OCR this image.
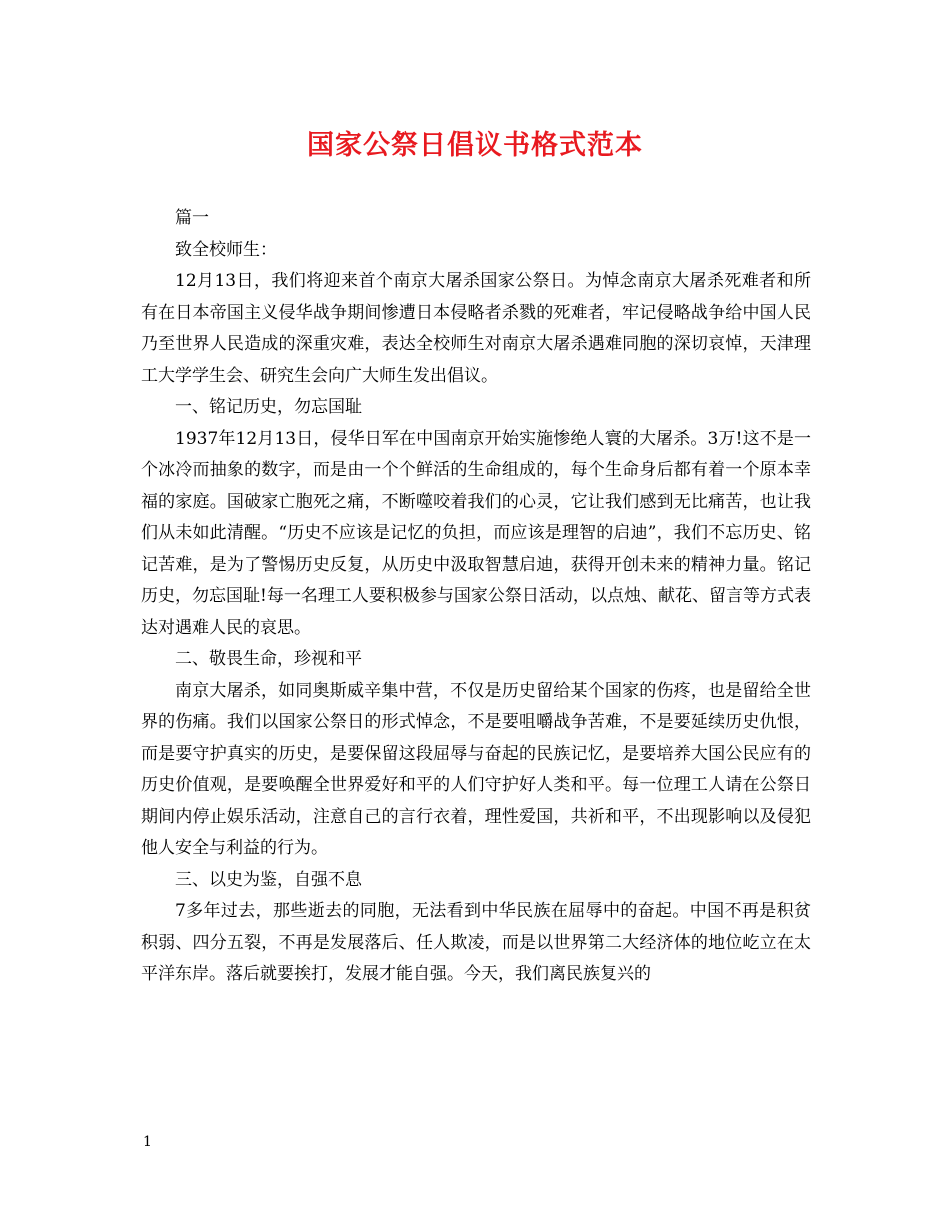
国家公祭日倡议书格式范本

篇一

致全校师生：

12月13日，我们将迎来首个南京大屠杀国家公祭日。为悼念南京大屠杀死难者和所有在日本帝国主义侵华战争期间惨遭日本侵略者杀戮的死难者，牢记侵略战争给中国人民乃至世界人民造成的深重灾难，表达全校师生对南京大屠杀遇难同胞的深切哀悼，天津理工大学学生会、研究生会向广大师生发出倡议。

一、铭记历史，勿忘国耻

1937年12月13日，侵华日军在中国南京开始实施惨绝人寰的大屠杀。3万!这不是一个冰冷而抽象的数字，而是由一个个鲜活的生命组成的，每个生命身后都有着一个原本幸福的家庭。国破家亡胞死之痛，不断噬咬着我们的心灵，它让我们感到无比痛苦，也让我们从未如此清醒。“历史不应该是记忆的负担，而应该是理智的启迪”，我们不忘历史、铭记苦难，是为了警惕历史反复，从历史中汲取智慧启迪，获得开创未来的精神力量。铭记历史，勿忘国耻!每一名理工人要积极参与国家公祭日活动，以点烛、献花、留言等方式表达对遇难人民的哀思。

二、敬畏生命，珍视和平

南京大屠杀，如同奥斯威辛集中营，不仅是历史留给某个国家的伤疼，也是留给全世界的伤痛。我们以国家公祭日的形式悼念，不是要咀嚼战争苦难，不是要延续历史仇恨，而是要守护真实的历史，是要保留这段屈辱与奋起的民族记忆，是要培养大国公民应有的历史价值观，是要唤醒全世界爱好和平的人们守护好人类和平。每一位理工人请在公祭日期间内停止娱乐活动，注意自己的言行衣着，理性爱国，共祈和平，不出现影响以及侵犯他人安全与利益的行为。

三、以史为鉴，自强不息

7多年过去，那些逝去的同胞，无法看到中华民族在屈辱中的奋起。中国不再是积贫积弱、四分五裂，不再是发展落后、任人欺凌，而是以世界第二大经济体的地位屹立在太平洋东岸。落后就要挨打，发展才能自强。今天，我们离民族复兴的

1
